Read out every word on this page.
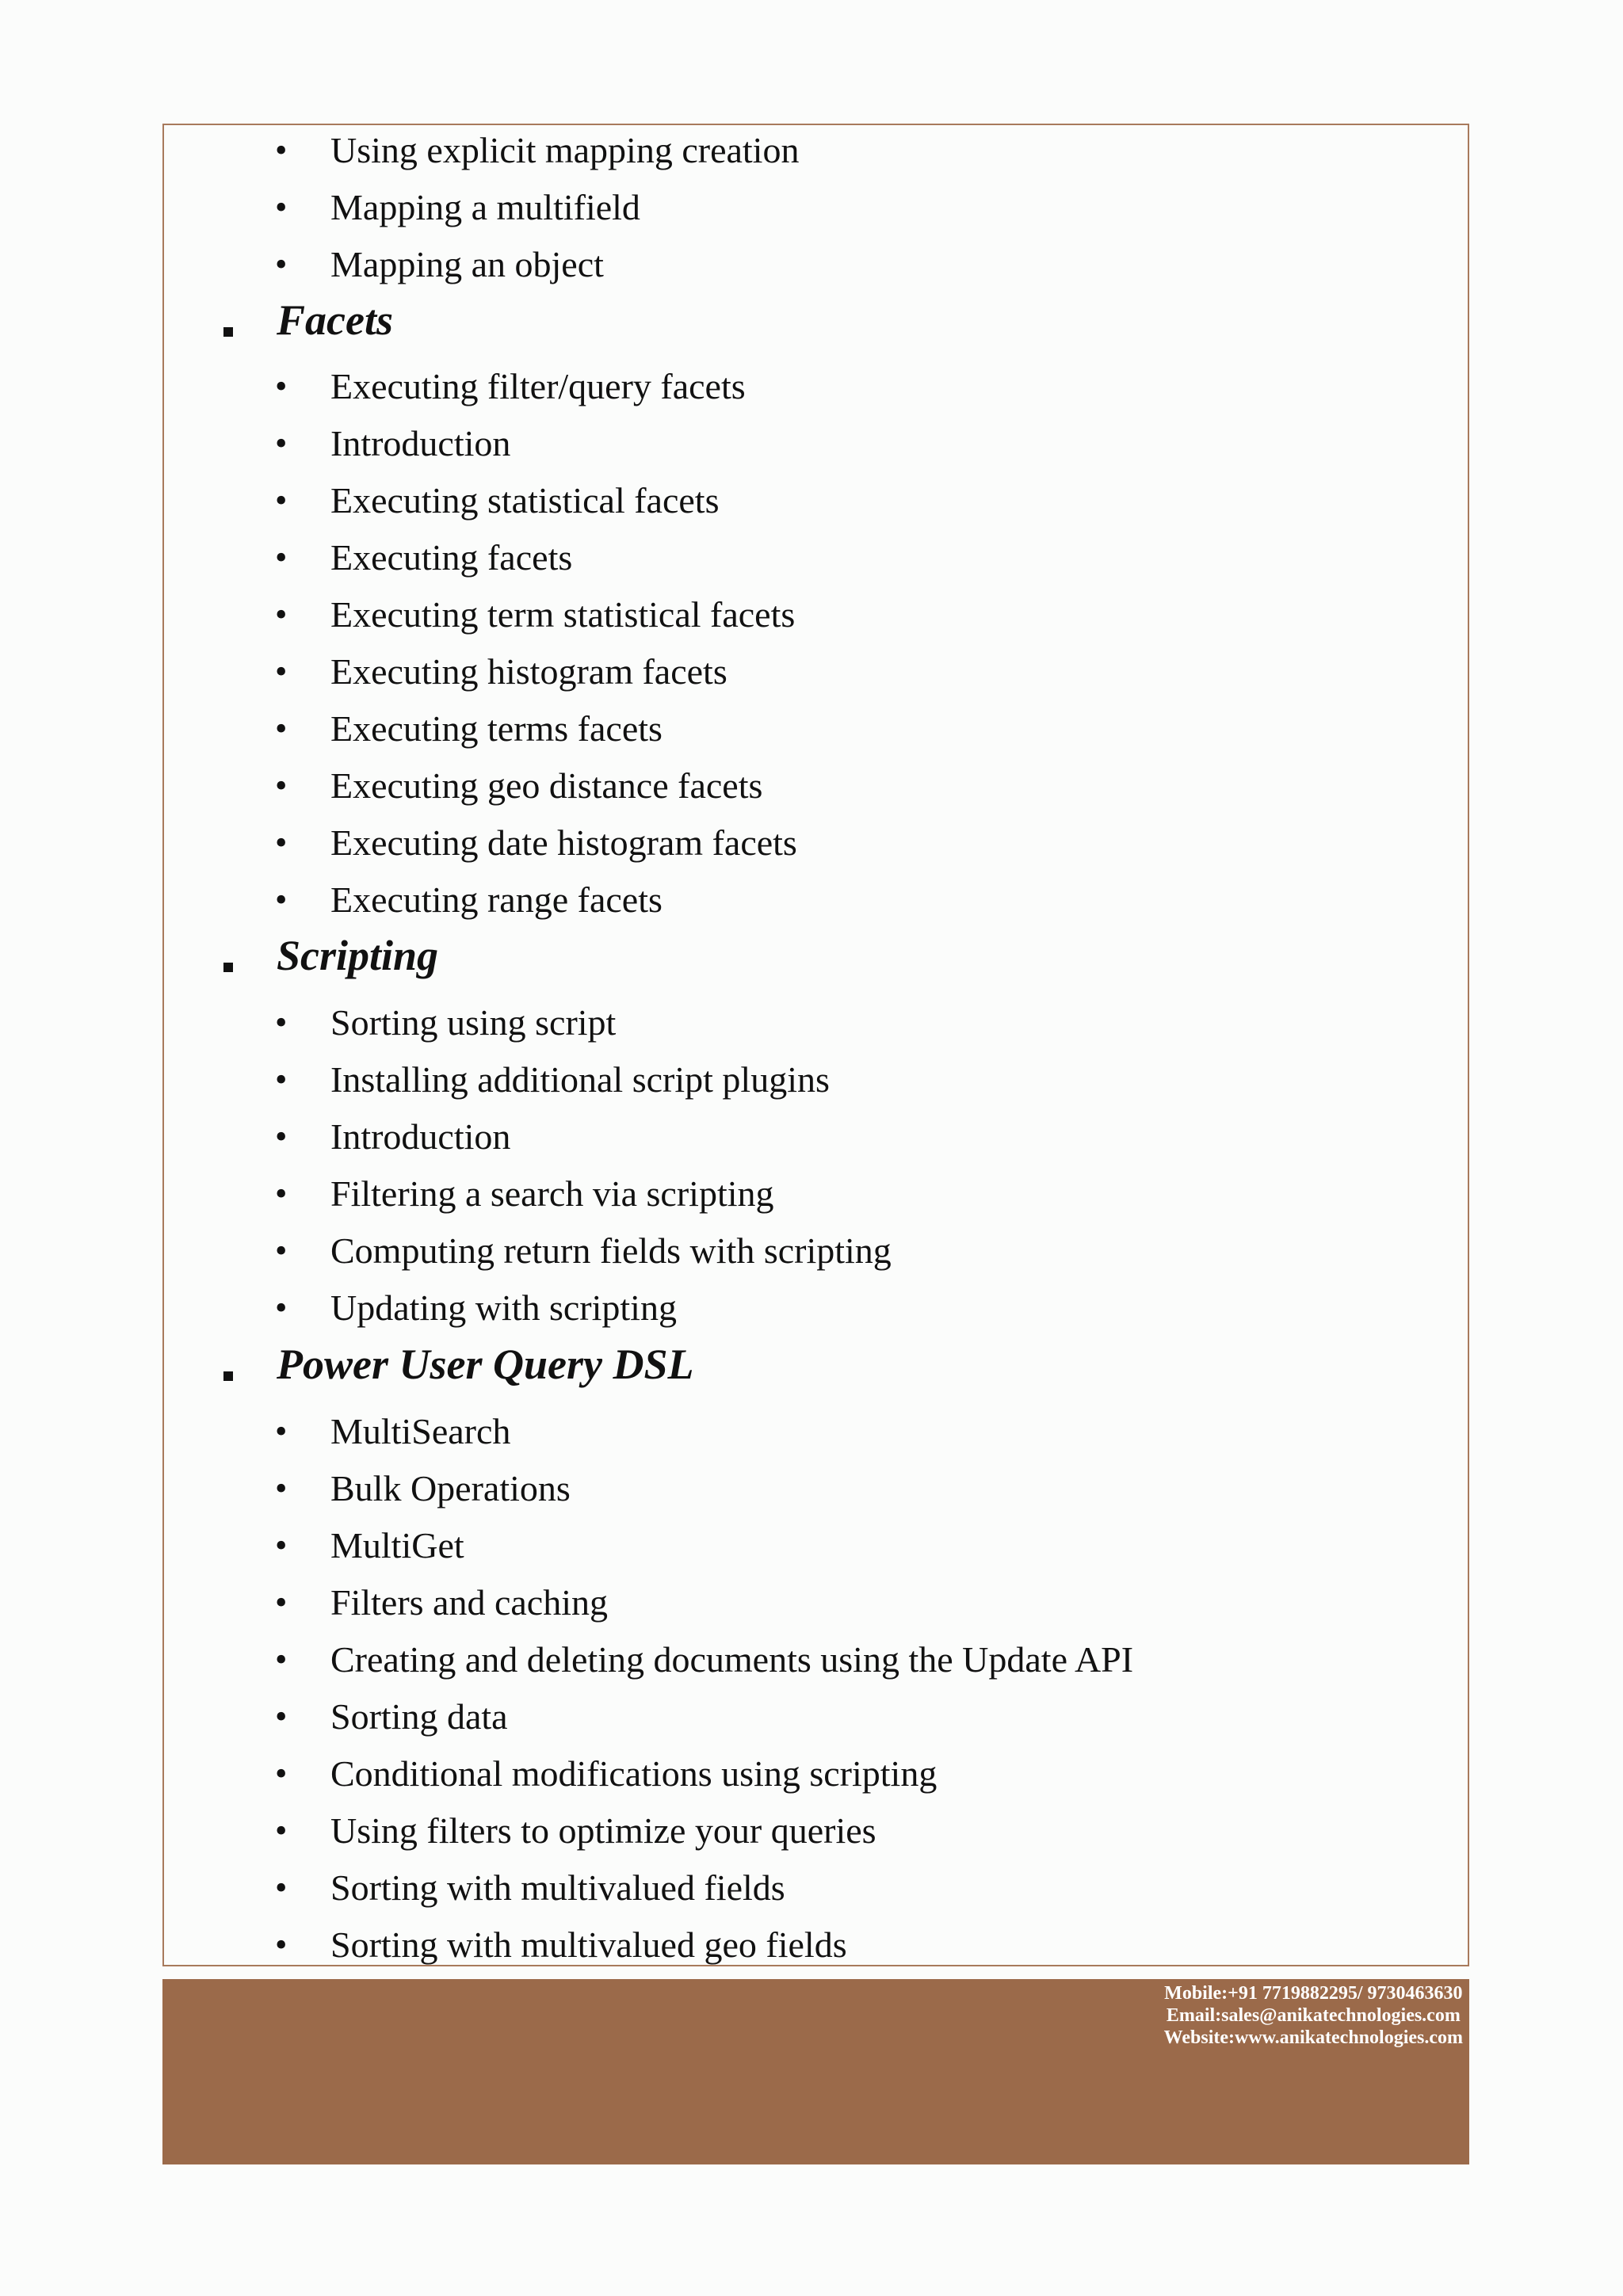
• Using explicit mapping creation
• Mapping a multifield
• Mapping an object
Facets
• Executing filter/query facets
• Introduction
• Executing statistical facets
• Executing facets
• Executing term statistical facets
• Executing histogram facets
• Executing terms facets
• Executing geo distance facets
• Executing date histogram facets
• Executing range facets
Scripting
• Sorting using script
• Installing additional script plugins
• Introduction
• Filtering a search via scripting
• Computing return fields with scripting
• Updating with scripting
Power User Query DSL
• MultiSearch
• Bulk Operations
• MultiGet
• Filters and caching
• Creating and deleting documents using the Update API
• Sorting data
• Conditional modifications using scripting
• Using filters to optimize your queries
• Sorting with multivalued fields
• Sorting with multivalued geo fields
Mobile:+91 7719882295/ 9730463630
Email:sales@anikatechnologies.com
Website:www.anikatechnologies.com
